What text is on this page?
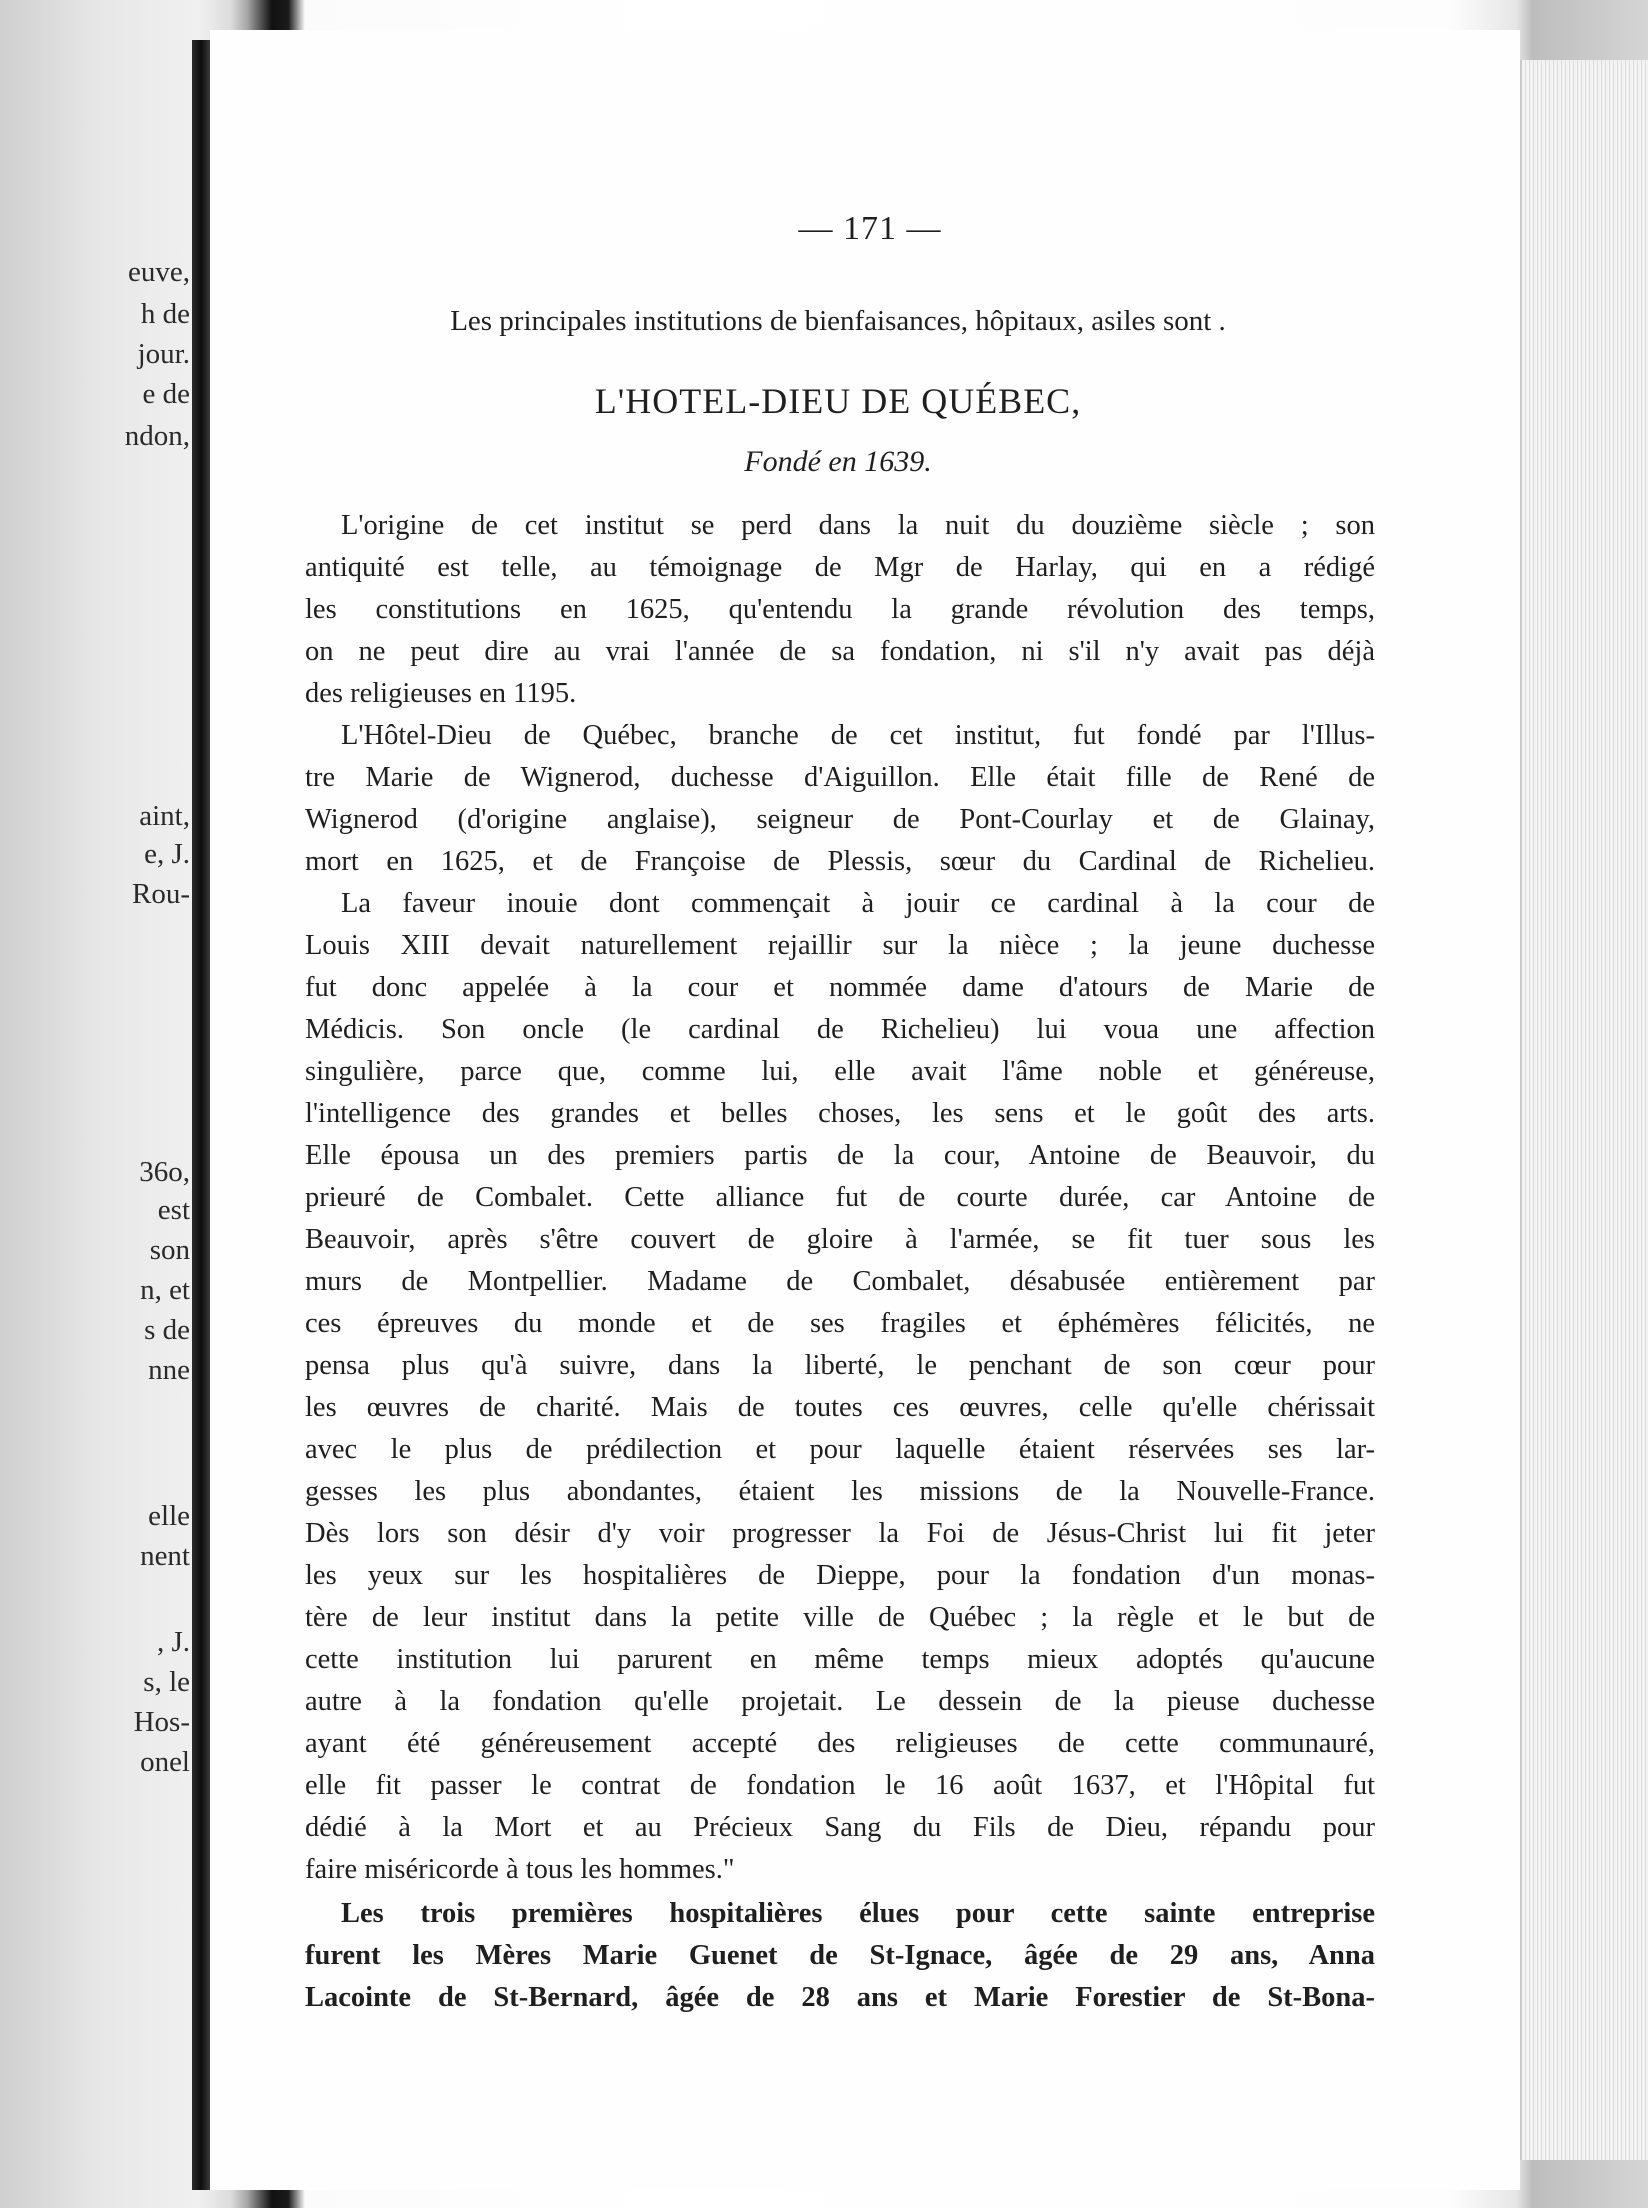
euve,
h de
jour.
e de
ndon,
aint,
e, J.
Rou-
36o,
est
son
n, et
s de
nne
elle
nent
, J.
s, le
Hos-
onel
— 171 —
Les principales institutions de bienfaisances, hôpitaux, asiles sont .
L'HOTEL-DIEU DE QUÉBEC,
Fondé en 1639.
L'origine de cet institut se perd dans la nuit du douzième siècle ; son
antiquité est telle, au témoignage de Mgr de Harlay, qui en a rédigé
les constitutions en 1625, qu'entendu la grande révolution des temps,
on ne peut dire au vrai l'année de sa fondation, ni s'il n'y avait pas déjà
des religieuses en 1195.
L'Hôtel-Dieu de Québec, branche de cet institut, fut fondé par l'Illus-
tre Marie de Wignerod, duchesse d'Aiguillon. Elle était fille de René de
Wignerod (d'origine anglaise), seigneur de Pont-Courlay et de Glainay,
mort en 1625, et de Françoise de Plessis, sœur du Cardinal de Richelieu.
La faveur inouie dont commençait à jouir ce cardinal à la cour de
Louis XIII devait naturellement rejaillir sur la nièce ; la jeune duchesse
fut donc appelée à la cour et nommée dame d'atours de Marie de
Médicis. Son oncle (le cardinal de Richelieu) lui voua une affection
singulière, parce que, comme lui, elle avait l'âme noble et généreuse,
l'intelligence des grandes et belles choses, les sens et le goût des arts.
Elle épousa un des premiers partis de la cour, Antoine de Beauvoir, du
prieuré de Combalet. Cette alliance fut de courte durée, car Antoine de
Beauvoir, après s'être couvert de gloire à l'armée, se fit tuer sous les
murs de Montpellier. Madame de Combalet, désabusée entièrement par
ces épreuves du monde et de ses fragiles et éphémères félicités, ne
pensa plus qu'à suivre, dans la liberté, le penchant de son cœur pour
les œuvres de charité. Mais de toutes ces œuvres, celle qu'elle chérissait
avec le plus de prédilection et pour laquelle étaient réservées ses lar-
gesses les plus abondantes, étaient les missions de la Nouvelle-France.
Dès lors son désir d'y voir progresser la Foi de Jésus-Christ lui fit jeter
les yeux sur les hospitalières de Dieppe, pour la fondation d'un monas-
tère de leur institut dans la petite ville de Québec ; la règle et le but de
cette institution lui parurent en même temps mieux adoptés qu'aucune
autre à la fondation qu'elle projetait. Le dessein de la pieuse duchesse
ayant été généreusement accepté des religieuses de cette communauré,
elle fit passer le contrat de fondation le 16 août 1637, et l'Hôpital fut
dédié à la Mort et au Précieux Sang du Fils de Dieu, répandu pour
faire miséricorde à tous les hommes."
Les trois premières hospitalières élues pour cette sainte entreprise
furent les Mères Marie Guenet de St-Ignace, âgée de 29 ans, Anna
Lacointe de St-Bernard, âgée de 28 ans et Marie Forestier de St-Bona-
